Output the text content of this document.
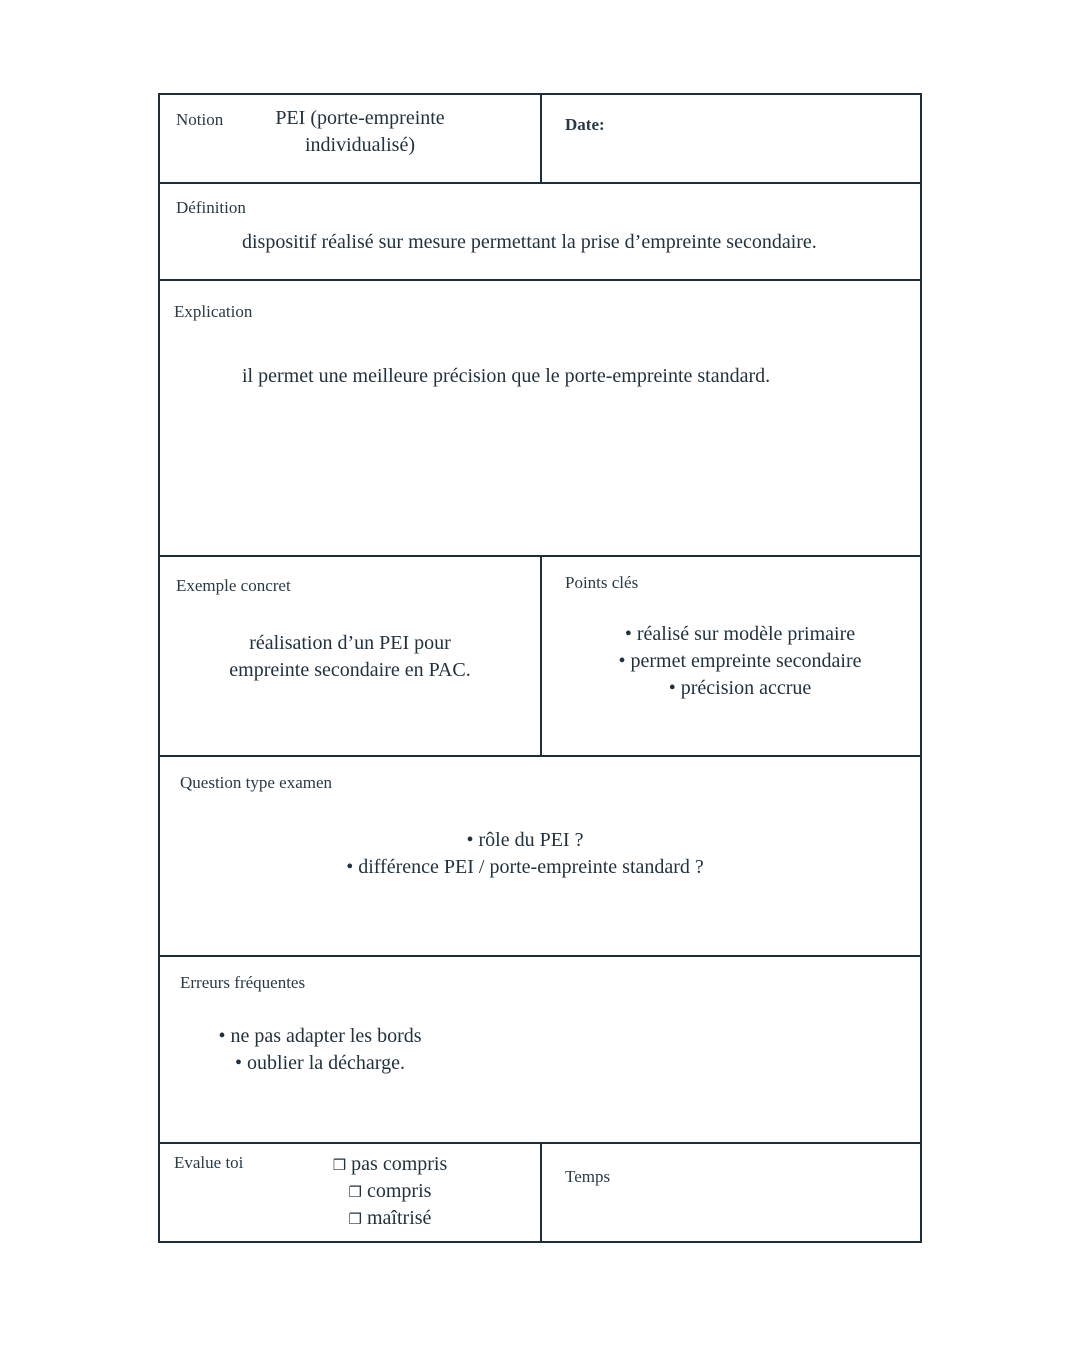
Notion	PEI (porte-empreinte
individualisé)
Date:
Définition
dispositif réalisé sur mesure permettant la prise d’empreinte secondaire.
Explication
il permet une meilleure précision que le porte-empreinte standard.
Exemple concret
réalisation d’un PEI pour
empreinte secondaire en PAC.
Points clés
• réalisé sur modèle primaire
• permet empreinte secondaire
• précision accrue
Question type examen
• rôle du PEI ?
• différence PEI / porte-empreinte standard ?
Erreurs fréquentes
• ne pas adapter les bords
• oublier la décharge.
Evalue toi	❒ pas compris
❒ compris
❒ maîtrisé
Temps
